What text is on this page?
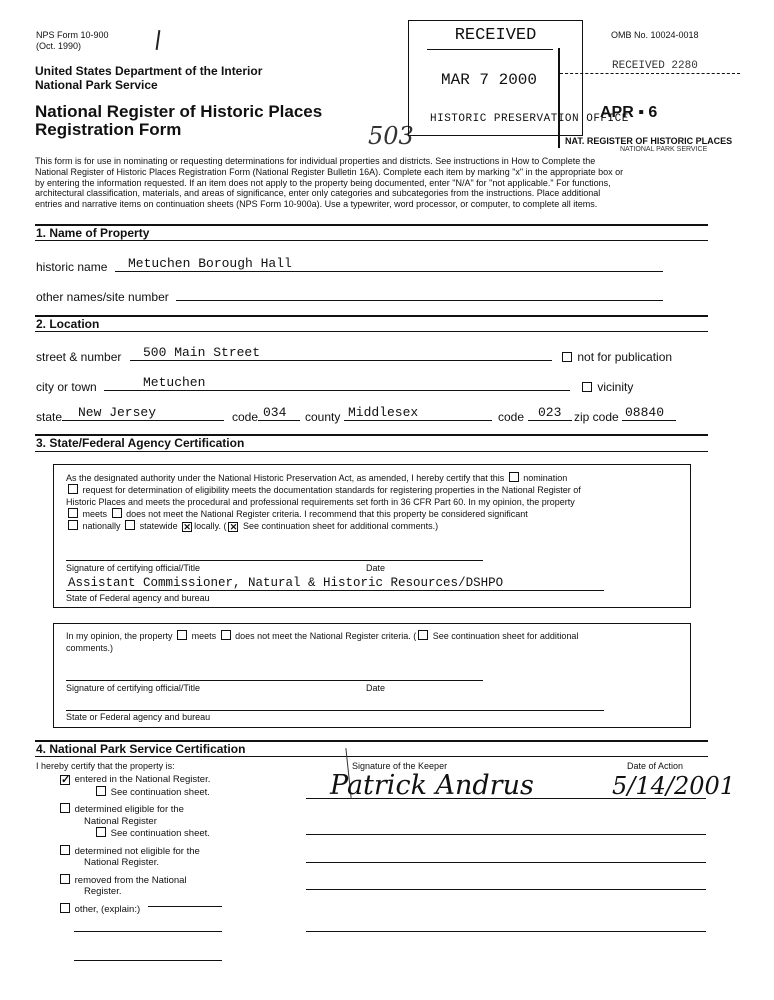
NPS Form 10-900
(Oct. 1990)
OMB No. 10024-0018
United States Department of the Interior
National Park Service
National Register of Historic Places
Registration Form	503
RECEIVED
MAR 7 2000
HISTORIC PRESERVATION OFFICE
RECEIVED 2280
APR ▪ 6
NAT. REGISTER OF HISTORIC PLACES
NATIONAL PARK SERVICE
This form is for use in nominating or requesting determinations for individual properties and districts. See instructions in How to Complete the
National Register of Historic Places Registration Form (National Register Bulletin 16A). Complete each item by marking "x" in the appropriate box or
by entering the information requested. If an item does not apply to the property being documented, enter "N/A" for "not applicable." For functions,
architectural classification, materials, and areas of significance, enter only categories and subcategories from the instructions. Place additional
entries and narrative items on continuation sheets (NPS Form 10-900a). Use a typewriter, word processor, or computer, to complete all items.
1. Name of Property
historic name Metuchen Borough Hall
other names/site number
2. Location
street & number 500 Main Street	not for publication
city or town	Metuchen	vicinity
state New Jersey	code 034 county Middlesex	code 023 zip code 08840
3. State/Federal Agency Certification
As the designated authority under the National Historic Preservation Act, as amended, I hereby certify that this nomination
request for determination of eligibility meets the documentation standards for registering properties in the National Register of
Historic Places and meets the procedural and professional requirements set forth in 36 CFR Part 60. In my opinion, the property
meets does not meet the National Register criteria. I recommend that this property be considered significant
nationally statewide ✕ locally. ( ✕ See continuation sheet for additional comments.)
Signature of certifying official/Title	Date
Assistant Commissioner, Natural & Historic Resources/DSHPO
State of Federal agency and bureau
In my opinion, the property meets does not meet the National Register criteria. ( See continuation sheet for additional
comments.)
Signature of certifying official/Title	Date
State or Federal agency and bureau
4. National Park Service Certification
I hereby certify that the property is:	Signature of the Keeper	Date of Action
Patrick Andrus	5/14/2001
✓ entered in the National Register.
See continuation sheet.
determined eligible for the
National Register
See continuation sheet.
determined not eligible for the
National Register.
removed from the National
Register.
other, (explain:)
